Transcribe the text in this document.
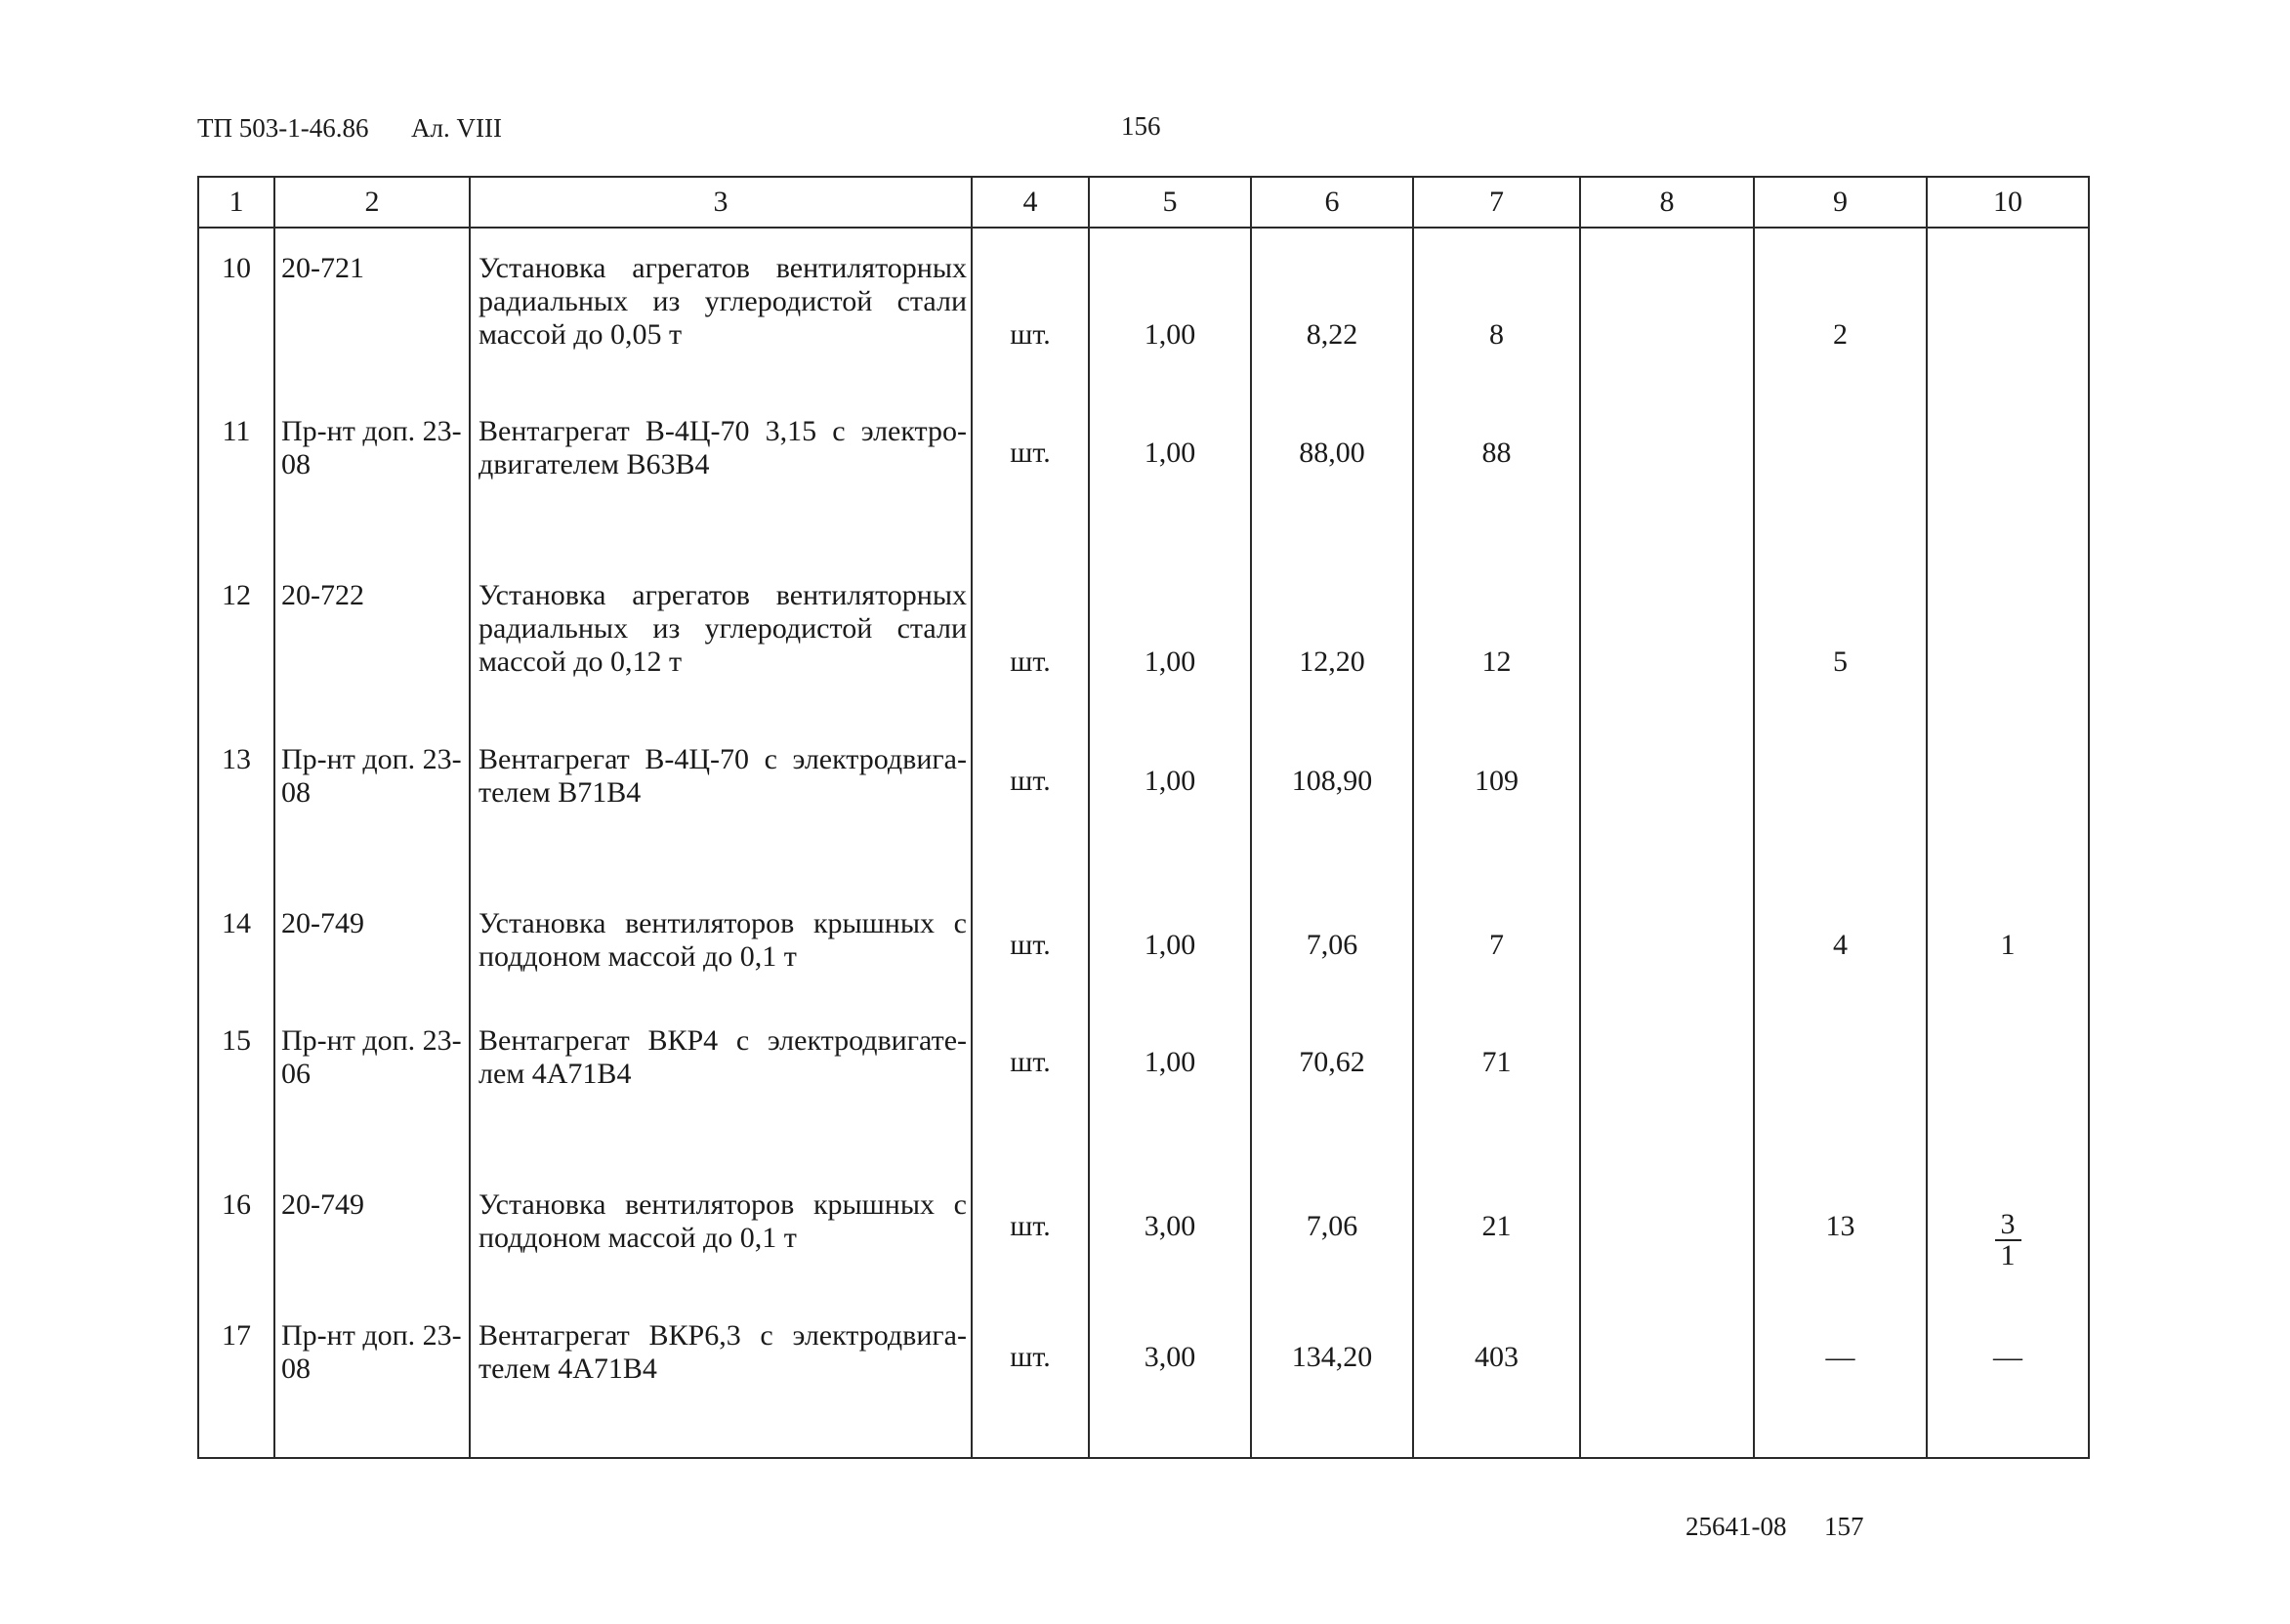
ТП 503-1-46.86 Ал. VIII	156
1	2	3	4	5	6	7	8	9	10
10	20-721	Установка агрегатов вентиляторных радиальных из углеродистой стали массой до 0,05 т	шт.	1,00	8,22	8		2	
11	Пр-нт доп. 23-08	Вентагрегат В-4Ц-70 3,15 с электро-двигателем В63В4	шт.	1,00	88,00	88			
12	20-722	Установка агрегатов вентиляторных радиальных из углеродистой стали массой до 0,12 т	шт.	1,00	12,20	12		5	
13	Пр-нт доп. 23-08	Вентагрегат В-4Ц-70 с электродвига-телем В71В4	шт.	1,00	108,90	109			
14	20-749	Установка вентиляторов крышных с поддоном массой до 0,1 т	шт.	1,00	7,06	7		4	1
15	Пр-нт доп. 23-06	Вентагрегат ВКР4 с электродвигате-лем 4А71В4	шт.	1,00	70,62	71			
16	20-749	Установка вентиляторов крышных с поддоном массой до 0,1 т	шт.	3,00	7,06	21		13	$\frac{3}{1}$

17	Пр-нт доп. 23-08	Вентагрегат ВКР6,3 с электродвига-телем 4А71В4	шт.	3,00	134,20	403		—	—
25641-08 157
